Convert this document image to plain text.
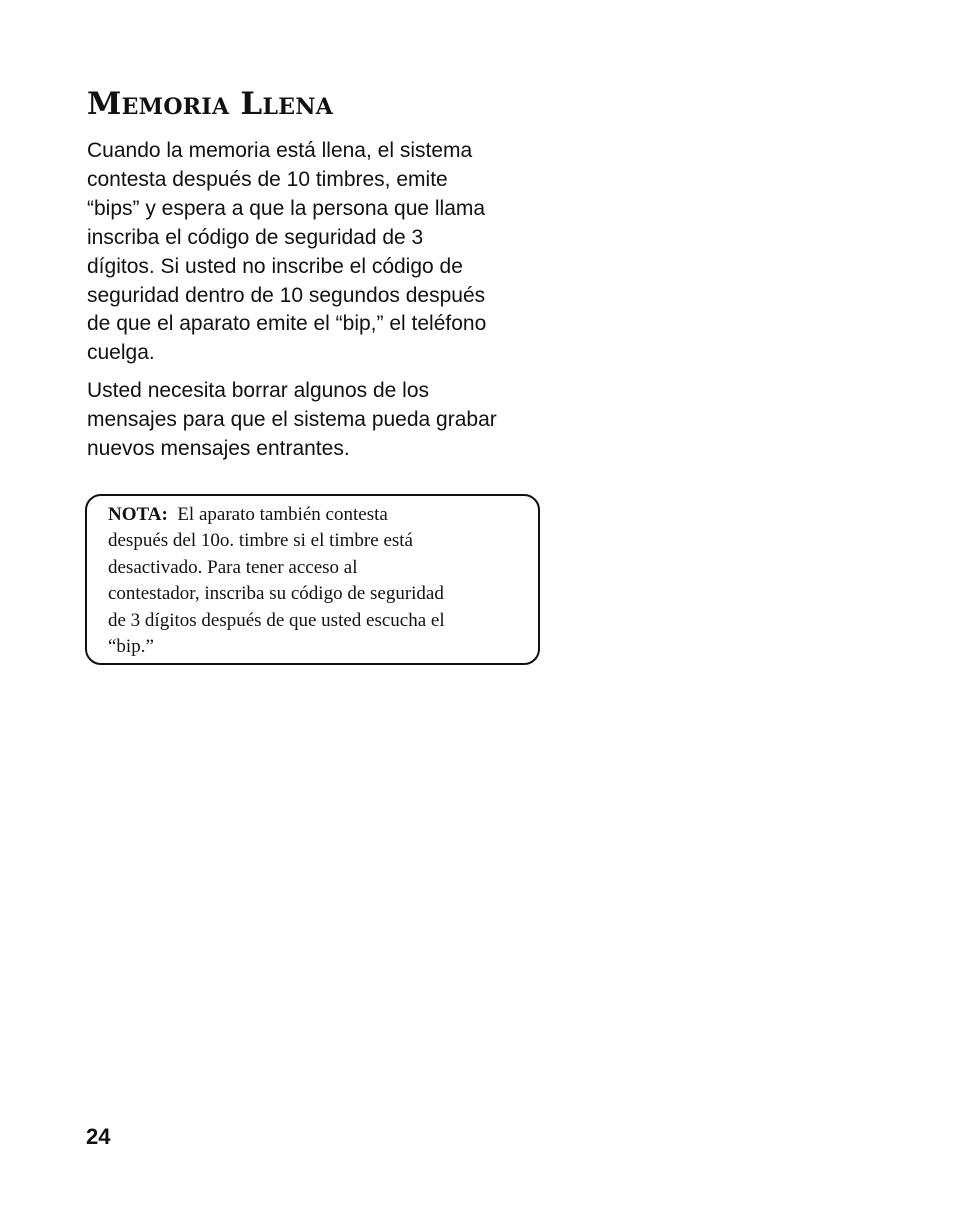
Memoria Llena

Cuando la memoria está llena, el sistema
contesta después de 10 timbres, emite
“bips” y espera a que la persona que llama
inscriba el código de seguridad de 3
dígitos. Si usted no inscribe el código de
seguridad dentro de 10 segundos después
de que el aparato emite el “bip,” el teléfono
cuelga.

Usted necesita borrar algunos de los
mensajes para que el sistema pueda grabar
nuevos mensajes entrantes.

NOTA: El aparato también contesta
después del 10o. timbre si el timbre está
desactivado. Para tener acceso al
contestador, inscriba su código de seguridad
de 3 dígitos después de que usted escucha el
“bip.”

24
